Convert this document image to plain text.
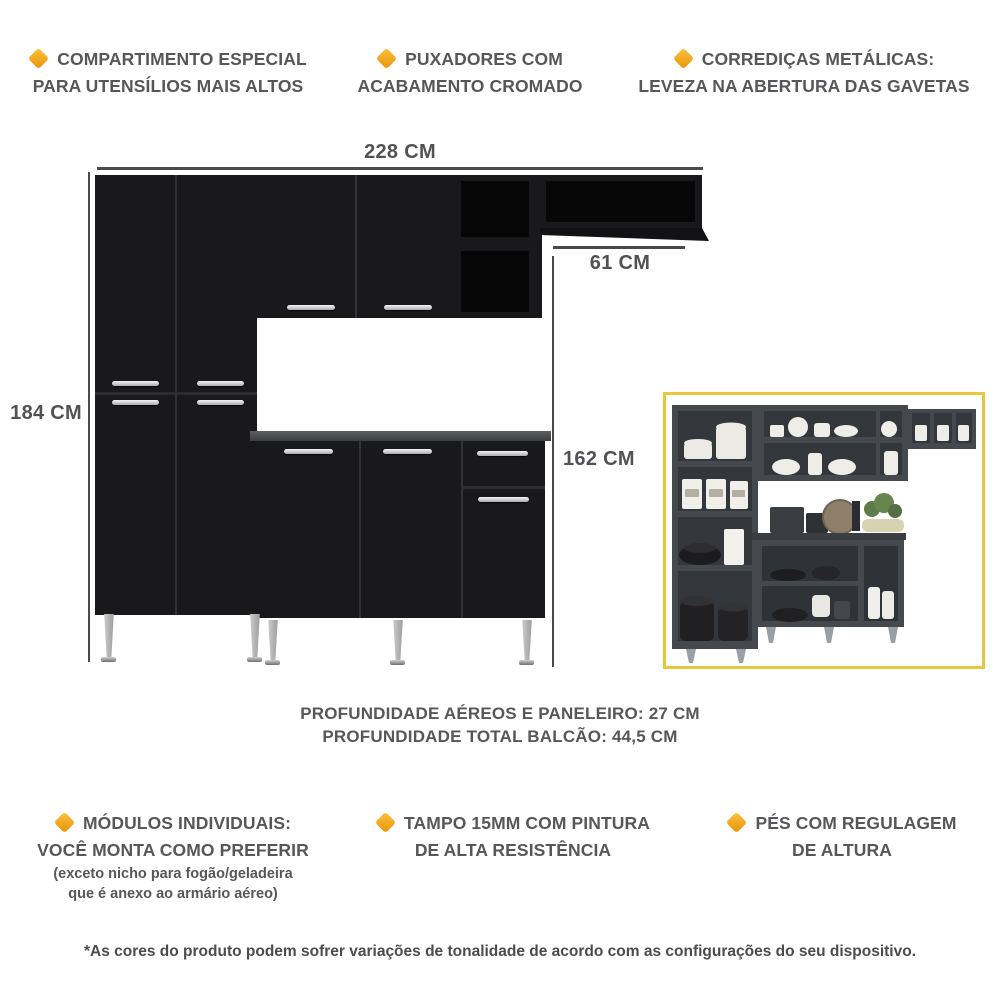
COMPARTIMENTO ESPECIAL
PARA UTENSÍLIOS MAIS ALTOS
PUXADORES COM
ACABAMENTO CROMADO
CORREDIÇAS METÁLICAS:
LEVEZA NA ABERTURA DAS GAVETAS
228 CM
184 CM
61 CM
162 CM
PROFUNDIDADE AÉREOS E PANELEIRO: 27 CM
PROFUNDIDADE TOTAL BALCÃO: 44,5 CM
MÓDULOS INDIVIDUAIS:
VOCÊ MONTA COMO PREFERIR
(exceto nicho para fogão/geladeira
que é anexo ao armário aéreo)
TAMPO 15MM COM PINTURA
DE ALTA RESISTÊNCIA
PÉS COM REGULAGEM
DE ALTURA
*As cores do produto podem sofrer variações de tonalidade de acordo com as configurações do seu dispositivo.
